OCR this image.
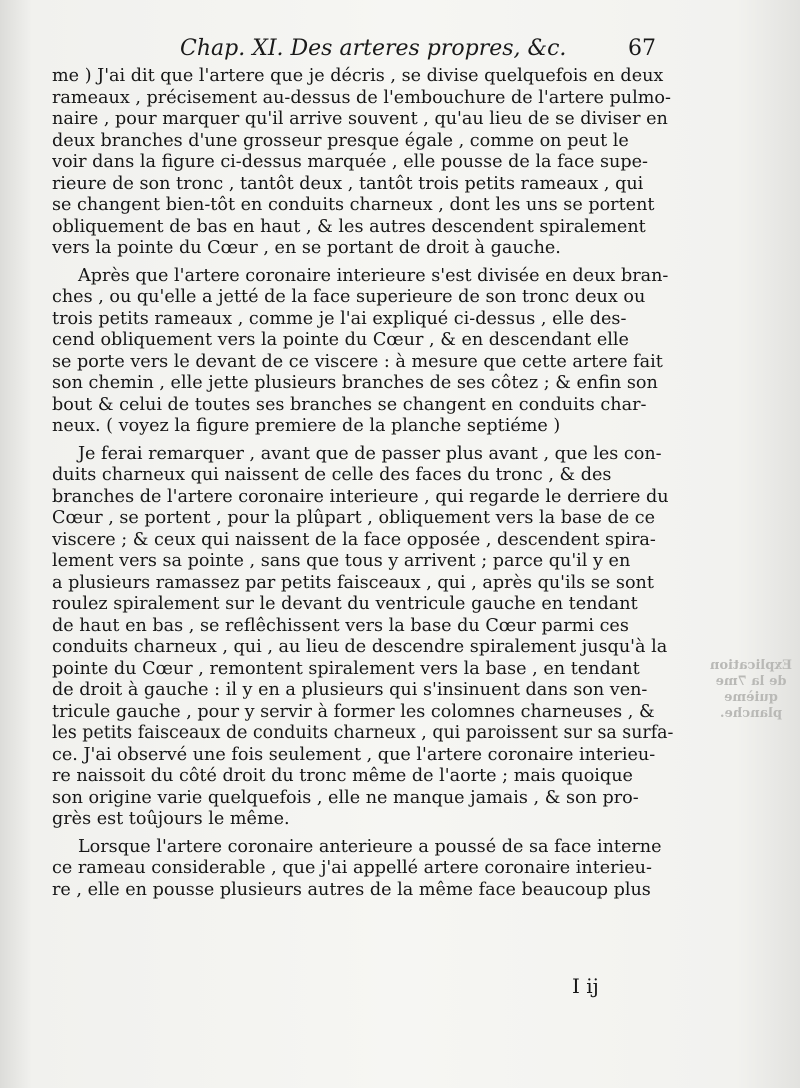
Chap. XI. Des arteres propres, &c.	67
me ) J'ai dit que l'artere que je décris , se divise quelquefois en deux
rameaux , précisement au-dessus de l'embouchure de l'artere pulmo-
naire , pour marquer qu'il arrive souvent , qu'au lieu de se diviser en
deux branches d'une grosseur presque égale , comme on peut le
voir dans la figure ci-dessus marquée , elle pousse de la face supe-
rieure de son tronc , tantôt deux , tantôt trois petits rameaux , qui
se changent bien-tôt en conduits charneux , dont les uns se portent
obliquement de bas en haut , & les autres descendent spiralement
vers la pointe du Cœur , en se portant de droit à gauche.
Après que l'artere coronaire interieure s'est divisée en deux bran-
ches , ou qu'elle a jetté de la face superieure de son tronc deux ou
trois petits rameaux , comme je l'ai expliqué ci-dessus , elle des-
cend obliquement vers la pointe du Cœur , & en descendant elle
se porte vers le devant de ce viscere : à mesure que cette artere fait
son chemin , elle jette plusieurs branches de ses côtez ; & enfin son
bout & celui de toutes ses branches se changent en conduits char-
neux. ( voyez la figure premiere de la planche septiéme )
Je ferai remarquer , avant que de passer plus avant , que les con-
duits charneux qui naissent de celle des faces du tronc , & des
branches de l'artere coronaire interieure , qui regarde le derriere du
Cœur , se portent , pour la plûpart , obliquement vers la base de ce
viscere ; & ceux qui naissent de la face opposée , descendent spira-
lement vers sa pointe , sans que tous y arrivent ; parce qu'il y en
a plusieurs ramassez par petits faisceaux , qui , après qu'ils se sont
roulez spiralement sur le devant du ventricule gauche en tendant
de haut en bas , se reflêchissent vers la base du Cœur parmi ces
conduits charneux , qui , au lieu de descendre spiralement jusqu'à la
pointe du Cœur , remontent spiralement vers la base , en tendant
de droit à gauche : il y en a plusieurs qui s'insinuent dans son ven-
tricule gauche , pour y servir à former les colomnes charneuses , &
les petits faisceaux de conduits charneux , qui paroissent sur sa surfa-
ce. J'ai observé une fois seulement , que l'artere coronaire interieu-
re naissoit du côté droit du tronc même de l'aorte ; mais quoique
son origine varie quelquefois , elle ne manque jamais , & son pro-
grès est toûjours le même.
Lorsque l'artere coronaire anterieure a poussé de sa face interne
ce rameau considerable , que j'ai appellé artere coronaire interieu-
re , elle en pousse plusieurs autres de la même face beaucoup plus
I ij
Explication de la 7me quième planche.
